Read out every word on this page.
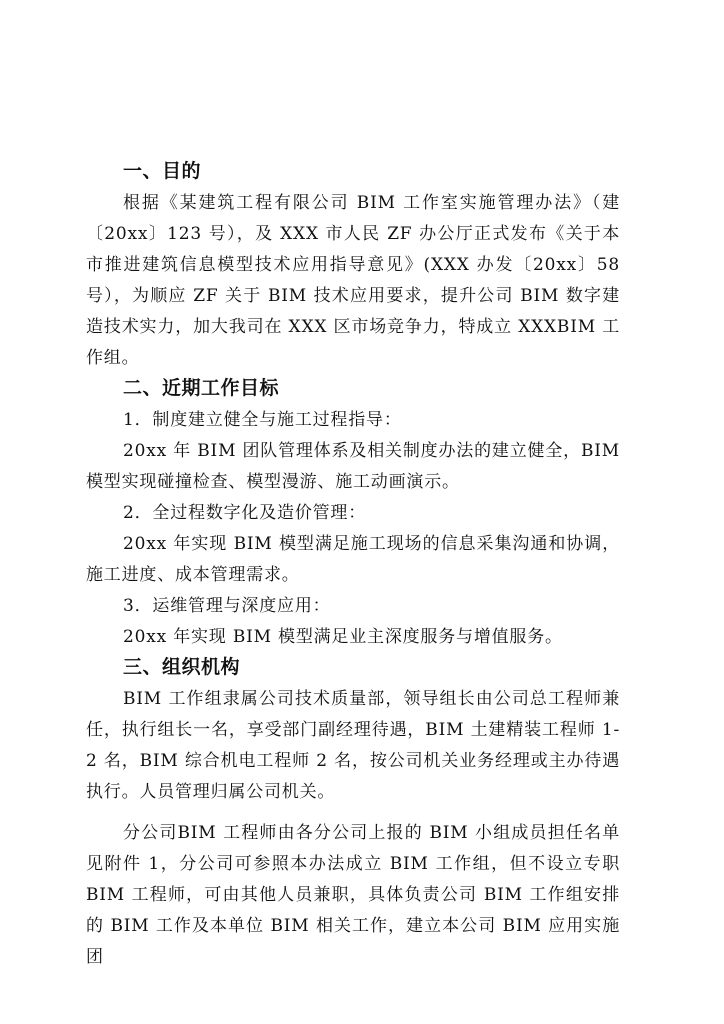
一、目的

根据《某建筑工程有限公司 BIM 工作室实施管理办法》（建〔20xx〕123 号），及 XXX 市人民 ZF 办公厅正式发布《关于本市推进建筑信息模型技术应用指导意见》(XXX 办发〔20xx〕58 号），为顺应 ZF 关于 BIM 技术应用要求，提升公司 BIM 数字建造技术实力，加大我司在 XXX 区市场竞争力，特成立 XXXBIM 工作组。

二、近期工作目标

1．制度建立健全与施工过程指导：

20xx 年 BIM 团队管理体系及相关制度办法的建立健全，BIM 模型实现碰撞检查、模型漫游、施工动画演示。

2．全过程数字化及造价管理：

20xx 年实现 BIM 模型满足施工现场的信息采集沟通和协调，施工进度、成本管理需求。

3．运维管理与深度应用：

20xx 年实现 BIM 模型满足业主深度服务与增值服务。

三、组织机构

BIM 工作组隶属公司技术质量部，领导组长由公司总工程师兼任，执行组长一名，享受部门副经理待遇，BIM 土建精装工程师 1-2 名，BIM 综合机电工程师 2 名，按公司机关业务经理或主办待遇执行。人员管理归属公司机关。

分公司BIM 工程师由各分公司上报的 BIM 小组成员担任名单见附件 1，分公司可参照本办法成立 BIM 工作组，但不设立专职 BIM 工程师，可由其他人员兼职，具体负责公司 BIM 工作组安排的 BIM 工作及本单位 BIM 相关工作，建立本公司 BIM 应用实施团
